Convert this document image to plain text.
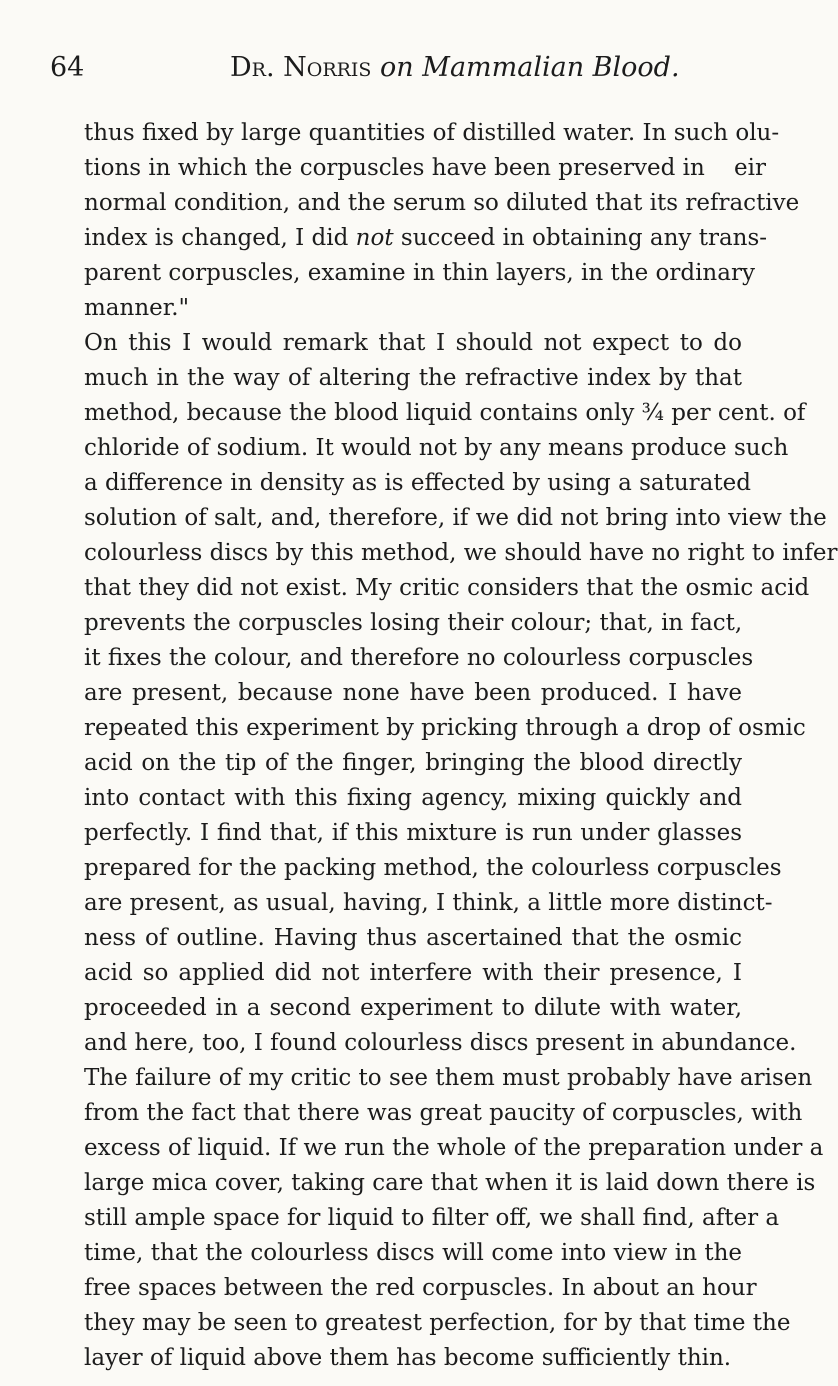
64	Dr. Norris on Mammalian Blood.
thus fixed by large quantities of distilled water. In such olu-
tions in which the corpuscles have been preserved in    eir
normal condition, and the serum so diluted that its refractive
index is changed, I did not succeed in obtaining any trans-
parent corpuscles, examine in thin layers, in the ordinary
manner."
On this I would remark that I should not expect to do
much in the way of altering the refractive index by that
method, because the blood liquid contains only ¾ per cent. of
chloride of sodium. It would not by any means produce such
a difference in density as is effected by using a saturated
solution of salt, and, therefore, if we did not bring into view the
colourless discs by this method, we should have no right to infer
that they did not exist. My critic considers that the osmic acid
prevents the corpuscles losing their colour; that, in fact,
it fixes the colour, and therefore no colourless corpuscles
are present, because none have been produced. I have
repeated this experiment by pricking through a drop of osmic
acid on the tip of the finger, bringing the blood directly
into contact with this fixing agency, mixing quickly and
perfectly. I find that, if this mixture is run under glasses
prepared for the packing method, the colourless corpuscles
are present, as usual, having, I think, a little more distinct-
ness of outline. Having thus ascertained that the osmic
acid so applied did not interfere with their presence, I
proceeded in a second experiment to dilute with water,
and here, too, I found colourless discs present in abundance.
The failure of my critic to see them must probably have arisen
from the fact that there was great paucity of corpuscles, with
excess of liquid. If we run the whole of the preparation under a
large mica cover, taking care that when it is laid down there is
still ample space for liquid to filter off, we shall find, after a
time, that the colourless discs will come into view in the
free spaces between the red corpuscles. In about an hour
they may be seen to greatest perfection, for by that time the
layer of liquid above them has become sufficiently thin.
